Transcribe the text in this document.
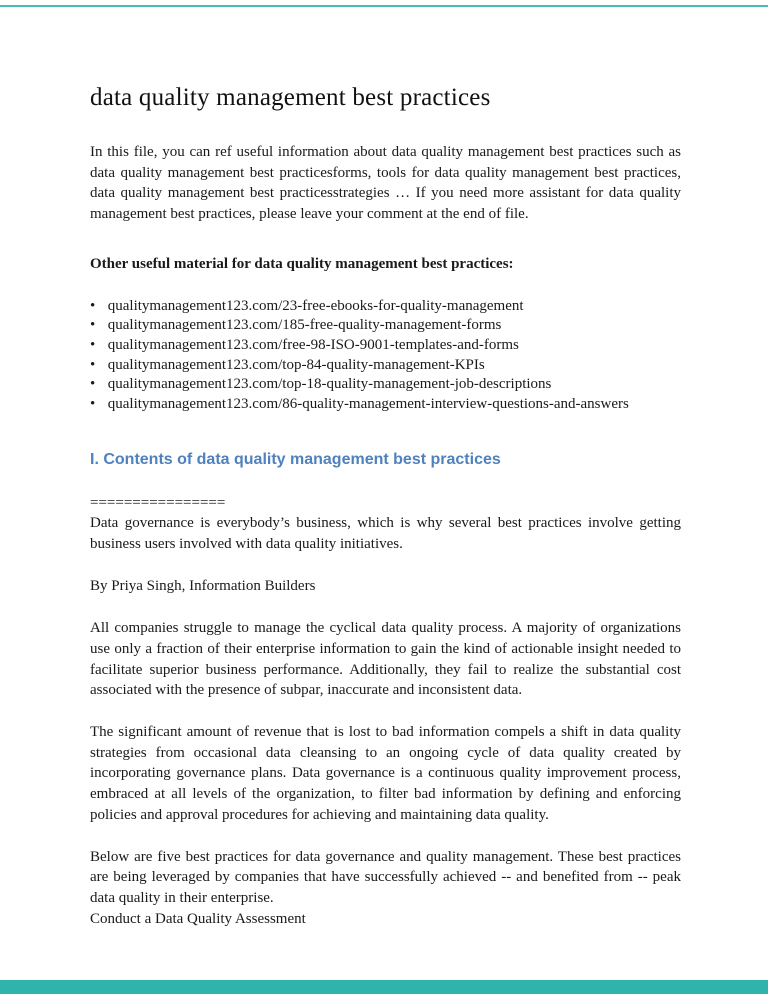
data quality management best practices

In this file, you can ref useful information about data quality management best practices such as data quality management best practicesforms, tools for data quality management best practices, data quality management best practicesstrategies … If you need more assistant for data quality management best practices, please leave your comment at the end of file.

Other useful material for data quality management best practices:

• qualitymanagement123.com/23-free-ebooks-for-quality-management
• qualitymanagement123.com/185-free-quality-management-forms
• qualitymanagement123.com/free-98-ISO-9001-templates-and-forms
• qualitymanagement123.com/top-84-quality-management-KPIs
• qualitymanagement123.com/top-18-quality-management-job-descriptions
• qualitymanagement123.com/86-quality-management-interview-questions-and-answers
I. Contents of data quality management best practices

================

Data governance is everybody’s business, which is why several best practices involve getting business users involved with data quality initiatives.

By Priya Singh, Information Builders

All companies struggle to manage the cyclical data quality process. A majority of organizations use only a fraction of their enterprise information to gain the kind of actionable insight needed to facilitate superior business performance. Additionally, they fail to realize the substantial cost associated with the presence of subpar, inaccurate and inconsistent data.

The significant amount of revenue that is lost to bad information compels a shift in data quality strategies from occasional data cleansing to an ongoing cycle of data quality created by incorporating governance plans. Data governance is a continuous quality improvement process, embraced at all levels of the organization, to filter bad information by defining and enforcing policies and approval procedures for achieving and maintaining data quality.

Below are five best practices for data governance and quality management. These best practices are being leveraged by companies that have successfully achieved -- and benefited from -- peak data quality in their enterprise.

Conduct a Data Quality Assessment
